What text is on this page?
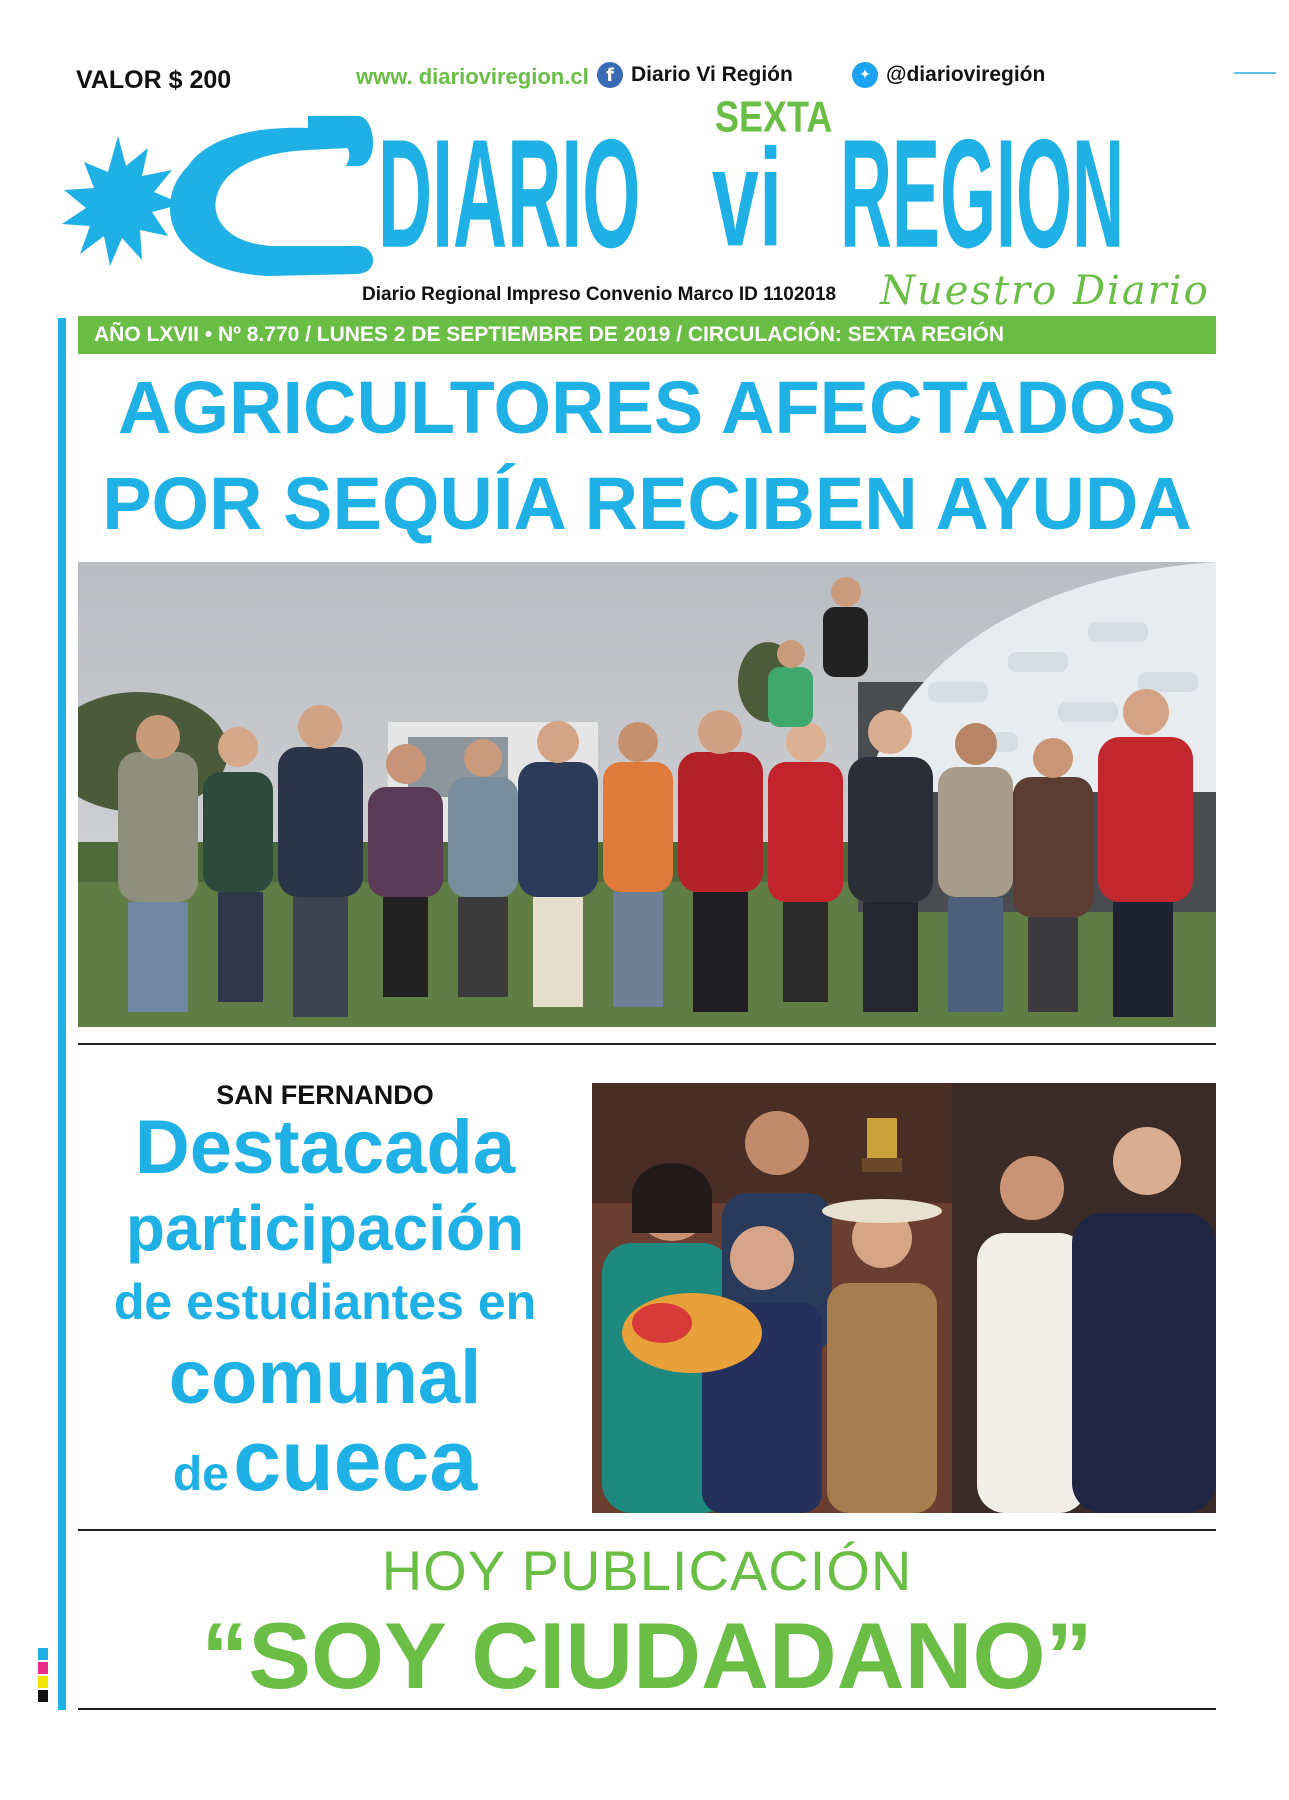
VALOR $ 200	www. diarioviregion.cl f Diario Vi Región	✦ @diarioviregión
DIARIO SEXTA
vi REGION
Diario Regional Impreso Convenio Marco ID 1102018 Nuestro Diario
AÑO LXVII • Nº 8.770 / LUNES 2 DE SEPTIEMBRE DE 2019 / CIRCULACIÓN: SEXTA REGIÓN
AGRICULTORES AFECTADOS
POR SEQUÍA RECIBEN AYUDA
SAN FERNANDO
Destacada
participación
de estudiantes en
comunal
de cueca
HOY PUBLICACIÓN
“SOY CIUDADANO”
